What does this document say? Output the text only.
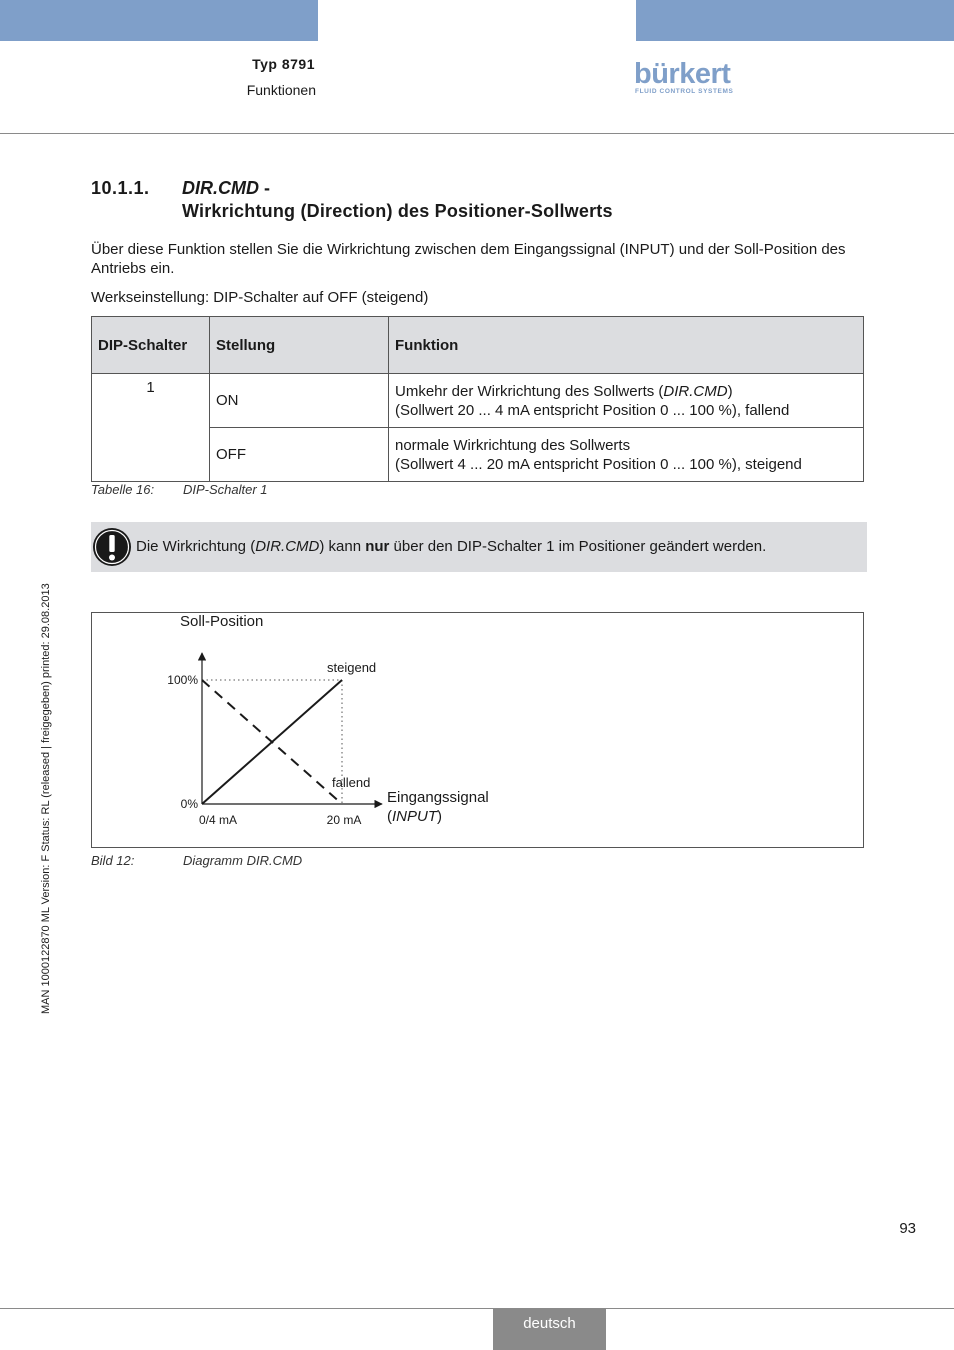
Typ 8791
Funktionen	bürkert
FLUID CONTROL SYSTEMS
MAN 1000122870 ML Version: F Status: RL (released | freigegeben) printed: 29.08.2013
10.1.1. DIR.CMD -
Wirkrichtung (Direction) des Positioner-Sollwerts
Über diese Funktion stellen Sie die Wirkrichtung zwischen dem Eingangssignal (INPUT) und der Soll-Position des Antriebs ein.
Werkseinstellung: DIP-Schalter auf OFF (steigend)
DIP-Schalter	Stellung	Funktion
1	ON	Umkehr der Wirkrichtung des Sollwerts (DIR.CMD)
(Sollwert 20 ... 4 mA entspricht Position 0 ... 100 %), fallend
	OFF	normale Wirkrichtung des Sollwerts
(Sollwert 4 ... 20 mA entspricht Position 0 ... 100 %), steigend
Tabelle 16: DIP-Schalter 1
Die Wirkrichtung (DIR.CMD) kann nur über den DIP-Schalter 1 im Positioner geändert werden.
Soll-Position
100%
0%
0/4 mA	20 mA
steigend
fallend
Eingangssignal
(INPUT)
Bild 12:	Diagramm DIR.CMD
93
deutsch
